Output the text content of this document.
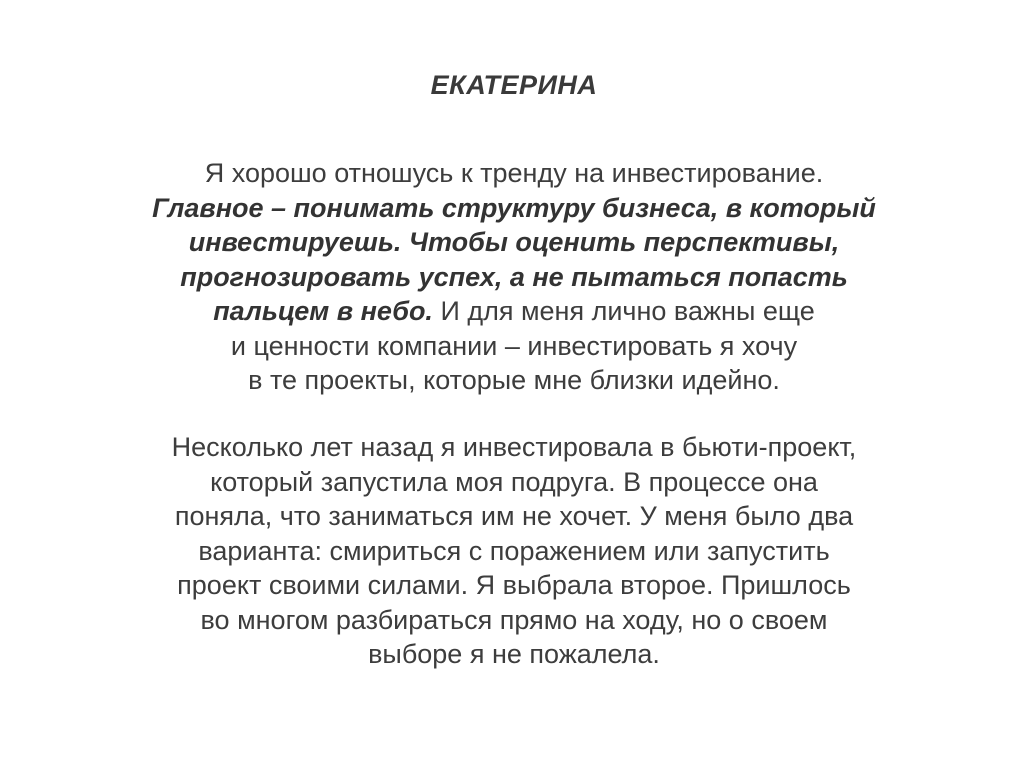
ЕКАТЕРИНА
Я хорошо отношусь к тренду на инвестирование.
Главное – понимать структуру бизнеса, в который
инвестируешь. Чтобы оценить перспективы,
прогнозировать успех, а не пытаться попасть
пальцем в небо. И для меня лично важны еще
и ценности компании – инвестировать я хочу
в те проекты, которые мне близки идейно.
Несколько лет назад я инвестировала в бьюти-проект,
который запустила моя подруга. В процессе она
поняла, что заниматься им не хочет. У меня было два
варианта: смириться с поражением или запустить
проект своими силами. Я выбрала второе. Пришлось
во многом разбираться прямо на ходу, но о своем
выборе я не пожалела.
